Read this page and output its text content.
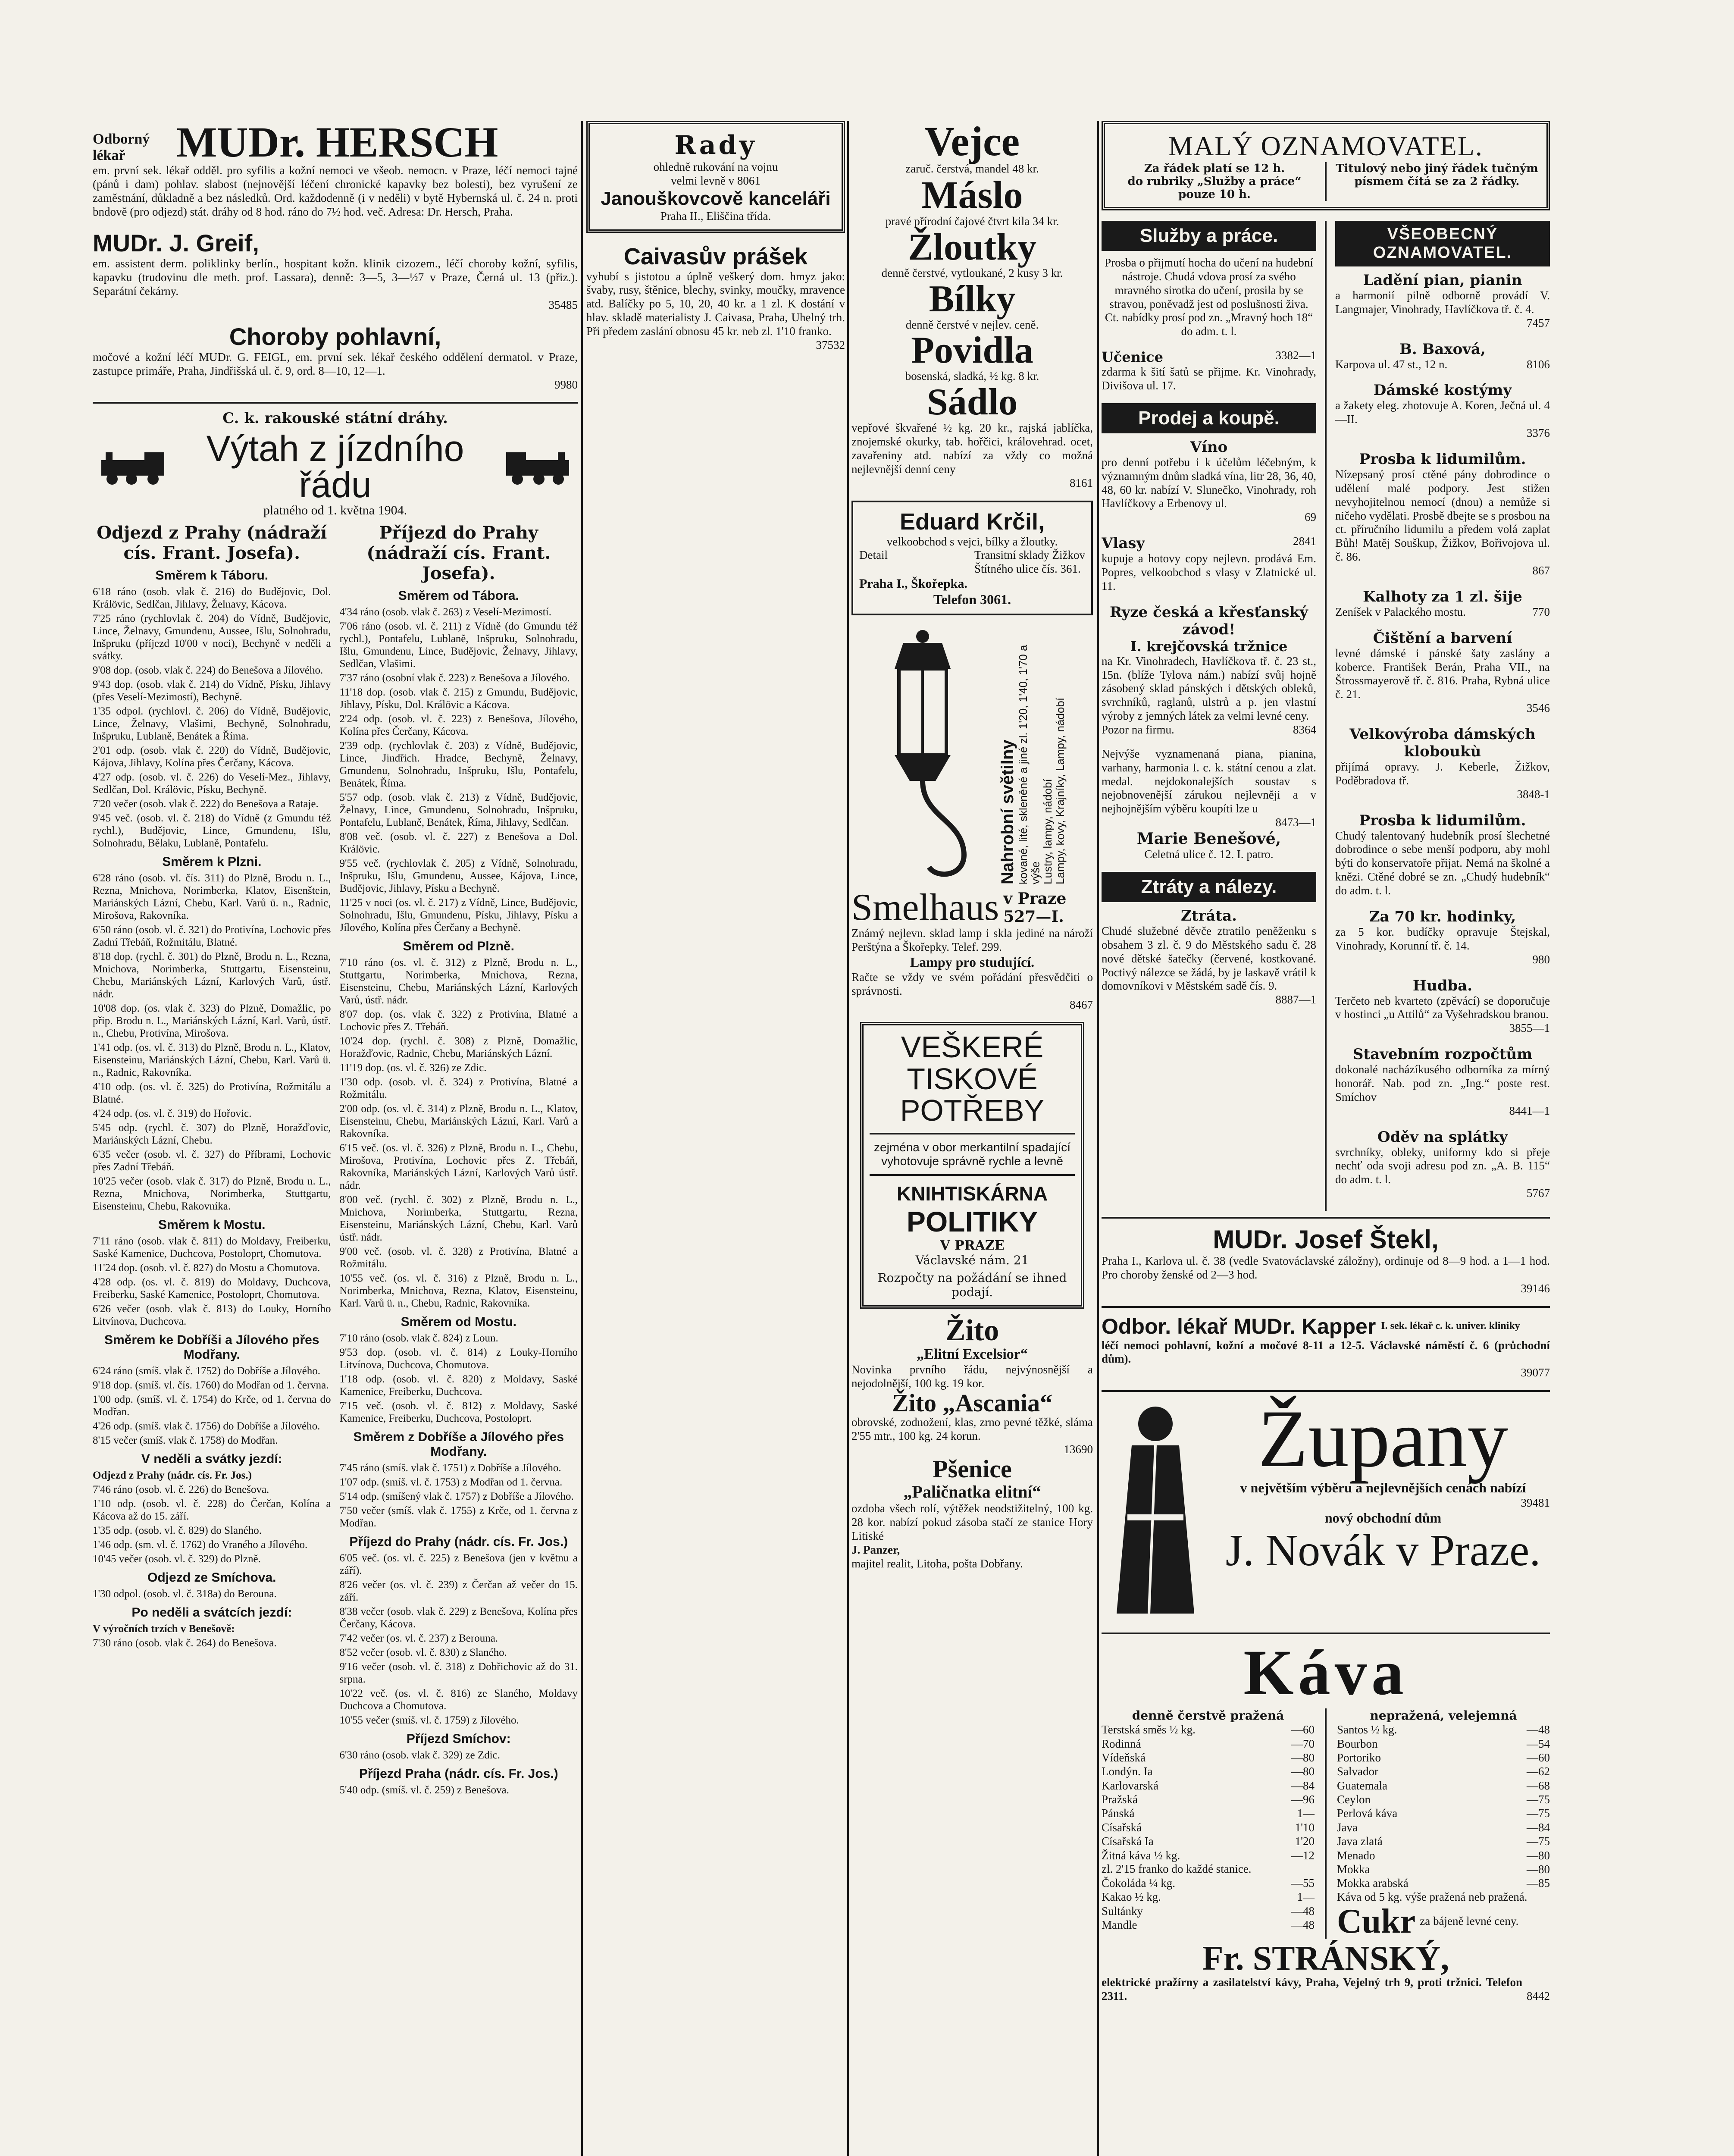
Odborný lékař	MUDr. HERSCH
em. první sek. lékař odděl. pro syfilis a kožní nemoci ve všeob. nemocn. v Praze, léčí nemoci tajné (pánů i dam) pohlav. slabost (nejnovější léčení chronické kapavky bez bolesti), bez vyrušení ze zaměstnání, důkladně a bez následků. Ord. každodenně (i v neděli) v bytě Hybernská ul. č. 24 n. proti bndově (pro odjezd) stát. dráhy od 8 hod. ráno do 7½ hod. več. Adresa: Dr. Hersch, Praha.
MUDr. J. Greif,
em. assistent derm. poliklinky berlín., hospitant kožn. klinik cizozem., léčí choroby kožní, syfilis, kapavku (trudovinu dle meth. prof. Lassara), denně: 3—5, 3—½7 v Praze, Černá ul. 13 (přiz.). Separátní čekárny.
35485
Choroby pohlavní,
močové a kožní léčí MUDr. G. FEIGL, em. první sek. lékař českého oddělení dermatol. v Praze, zastupce primáře, Praha, Jindřišská ul. č. 9, ord. 8—10, 12—1.
9980
C. k. rakouské státní dráhy.
Výtah z jízdního řádu
platného od 1. května 1904.
Odjezd z Prahy (nádraží cís. Frant. Josefa).
Směrem k Táboru.
6'18 ráno (osob. vlak č. 216) do Budějovic, Dol. Králövic, Sedlčan, Jihlavy, Želnavy, Kácova.
7'25 ráno (rychlovlak č. 204) do Vídně, Budějovic, Lince, Želnavy, Gmundenu, Aussee, Išlu, Solnohradu, Inšpruku (příjezd 10'00 v noci), Bechyně v neděli a svátky.
9'08 dop. (osob. vlak č. 224) do Benešova a Jílového.
9'43 dop. (osob. vlak č. 214) do Vídně, Písku, Jihlavy (přes Veselí-Mezimostí), Bechyně.
1'35 odpol. (rychlovl. č. 206) do Vídně, Budějovic, Lince, Želnavy, Vlašimi, Bechyně, Solnohradu, Inšpruku, Lublaně, Benátek a Říma.
2'01 odp. (osob. vlak č. 220) do Vídně, Budějovic, Kájova, Jihlavy, Kolína přes Čerčany, Kácova.
4'27 odp. (osob. vl. č. 226) do Veselí-Mez., Jihlavy, Sedlčan, Dol. Králövic, Písku, Bechyně.
7'20 večer (osob. vlak č. 222) do Benešova a Rataje.
9'45 več. (osob. vl. č. 218) do Vídně (z Gmundu též rychl.), Budějovic, Lince, Gmundenu, Išlu, Solnohradu, Bělaku, Lublaně, Pontafelu.
Směrem k Plzni.
6'28 ráno (osob. vl. čís. 311) do Plzně, Brodu n. L., Rezna, Mnichova, Norimberka, Klatov, Eisenštein, Mariánských Lázní, Chebu, Karl. Varů ü. n., Radnic, Mirošova, Rakovníka.
6'50 ráno (osob. vl. č. 321) do Protivína, Lochovic přes Zadní Třebáň, Rožmitálu, Blatné.
8'18 dop. (rychl. č. 301) do Plzně, Brodu n. L., Rezna, Mnichova, Norimberka, Stuttgartu, Eisensteinu, Chebu, Mariánských Lázní, Karlových Varů, ústř. nádr.
10'08 dop. (os. vlak č. 323) do Plzně, Domažlic, po přip. Brodu n. L., Mariánských Lázní, Karl. Varů, ústř. n., Chebu, Protivína, Mirošova.
1'41 odp. (os. vl. č. 313) do Plzně, Brodu n. L., Klatov, Eisensteinu, Mariánských Lázní, Chebu, Karl. Varů ü. n., Radnic, Rakovníka.
4'10 odp. (os. vl. č. 325) do Protivína, Rožmitálu a Blatné.
4'24 odp. (os. vl. č. 319) do Hořovic.
5'45 odp. (rychl. č. 307) do Plzně, Horažďovic, Mariánských Lázní, Chebu.
6'35 večer (osob. vl. č. 327) do Příbrami, Lochovic přes Zadní Třebáň.
10'25 večer (osob. vlak č. 317) do Plzně, Brodu n. L., Rezna, Mnichova, Norimberka, Stuttgartu, Eisensteinu, Chebu, Rakovníka.
Směrem k Mostu.
7'11 ráno (osob. vlak č. 811) do Moldavy, Freiberku, Saské Kamenice, Duchcova, Postoloprt, Chomutova.
11'24 dop. (osob. vl. č. 827) do Mostu a Chomutova.
4'28 odp. (os. vl. č. 819) do Moldavy, Duchcova, Freiberku, Saské Kamenice, Postoloprt, Chomutova.
6'26 večer (osob. vlak č. 813) do Louky, Horního Litvínova, Duchcova.
Směrem ke Dobříši a Jílového přes Modřany.
6'24 ráno (smíš. vlak č. 1752) do Dobříše a Jílového.
9'18 dop. (smíš. vl. čís. 1760) do Modřan od 1. června.
1'00 odp. (smíš. vl. č. 1754) do Krče, od 1. června do Modřan.
4'26 odp. (smíš. vlak č. 1756) do Dobříše a Jílového.
8'15 večer (smíš. vlak č. 1758) do Modřan.
V neděli a svátky jezdí:
Odjezd z Prahy (nádr. cís. Fr. Jos.)
7'46 ráno (osob. vl. č. 226) do Benešova.
1'10 odp. (osob. vl. č. 228) do Čerčan, Kolína a Kácova až do 15. září.
1'35 odp. (osob. vl. č. 829) do Slaného.
1'46 odp. (sm. vl. č. 1762) do Vraného a Jílového.
10'45 večer (osob. vl. č. 329) do Plzně.
Odjezd ze Smíchova.
1'30 odpol. (osob. vl. č. 318a) do Berouna.
Po neděli a svátcích jezdí:
V výročních trzích v Benešově:
7'30 ráno (osob. vlak č. 264) do Benešova.
Příjezd do Prahy (nádraží cís. Frant. Josefa).
Směrem od Tábora.
4'34 ráno (osob. vlak č. 263) z Veselí-Mezimostí.
7'06 ráno (osob. vl. č. 211) z Vídně (do Gmundu též rychl.), Pontafelu, Lublaně, Inšpruku, Solnohradu, Išlu, Gmundenu, Lince, Budějovic, Želnavy, Jihlavy, Sedlčan, Vlašimi.
7'37 ráno (osobní vlak č. 223) z Benešova a Jílového.
11'18 dop. (osob. vlak č. 215) z Gmundu, Budějovic, Jihlavy, Písku, Dol. Králövic a Kácova.
2'24 odp. (osob. vl. č. 223) z Benešova, Jílového, Kolína přes Čerčany, Kácova.
2'39 odp. (rychlovlak č. 203) z Vídně, Budějovic, Lince, Jindřich. Hradce, Bechyně, Želnavy, Gmundenu, Solnohradu, Inšpruku, Išlu, Pontafelu, Benátek, Říma.
5'57 odp. (osob. vlak č. 213) z Vídně, Budějovic, Želnavy, Lince, Gmundenu, Solnohradu, Inšpruku, Pontafelu, Lublaně, Benátek, Říma, Jihlavy, Sedlčan.
8'08 več. (osob. vl. č. 227) z Benešova a Dol. Králövic.
9'55 več. (rychlovlak č. 205) z Vídně, Solnohradu, Inšpruku, Išlu, Gmundenu, Aussee, Kájova, Lince, Budějovic, Jihlavy, Písku a Bechyně.
11'25 v noci (os. vl. č. 217) z Vídně, Lince, Budějovic, Solnohradu, Išlu, Gmundenu, Písku, Jihlavy, Písku a Jílového, Kolína přes Čerčany a Bechyně.
Směrem od Plzně.
7'10 ráno (os. vl. č. 312) z Plzně, Brodu n. L., Stuttgartu, Norimberka, Mnichova, Rezna, Eisensteinu, Chebu, Mariánských Lázní, Karlových Varů, ústř. nádr.
8'07 dop. (os. vlak č. 322) z Protivína, Blatné a Lochovic přes Z. Třebáň.
10'24 dop. (rychl. č. 308) z Plzně, Domažlic, Horažďovic, Radnic, Chebu, Mariánských Lázní.
11'19 dop. (os. vl. č. 326) ze Zdic.
1'30 odp. (osob. vl. č. 324) z Protivína, Blatné a Rožmitálu.
2'00 odp. (os. vl. č. 314) z Plzně, Brodu n. L., Klatov, Eisensteinu, Chebu, Mariánských Lázní, Karl. Varů a Rakovníka.
6'15 več. (os. vl. č. 326) z Plzně, Brodu n. L., Chebu, Mirošova, Protivína, Lochovic přes Z. Třebáň, Rakovníka, Mariánských Lázní, Karlových Varů ústř. nádr.
8'00 več. (rychl. č. 302) z Plzně, Brodu n. L., Mnichova, Norimberka, Stuttgartu, Rezna, Eisensteinu, Mariánských Lázní, Chebu, Karl. Varů ústř. nádr.
9'00 več. (osob. vl. č. 328) z Protivína, Blatné a Rožmitálu.
10'55 več. (os. vl. č. 316) z Plzně, Brodu n. L., Norimberka, Mnichova, Rezna, Klatov, Eisensteinu, Karl. Varů ü. n., Chebu, Radnic, Rakovníka.
Směrem od Mostu.
7'10 ráno (osob. vlak č. 824) z Loun.
9'53 dop. (osob. vl. č. 814) z Louky-Horního Litvínova, Duchcova, Chomutova.
1'18 odp. (osob. vl. č. 820) z Moldavy, Saské Kamenice, Freiberku, Duchcova.
7'15 več. (osob. vl. č. 812) z Moldavy, Saské Kamenice, Freiberku, Duchcova, Postoloprt.
Směrem z Dobříše a Jílového přes Modřany.
7'45 ráno (smíš. vlak č. 1751) z Dobříše a Jílového.
1'07 odp. (smíš. vl. č. 1753) z Modřan od 1. června.
5'14 odp. (smíšený vlak č. 1757) z Dobříše a Jílového.
7'50 večer (smíš. vlak č. 1755) z Krče, od 1. června z Modřan.
Příjezd do Prahy (nádr. cís. Fr. Jos.)
6'05 več. (os. vl. č. 225) z Benešova (jen v květnu a září).
8'26 večer (os. vl. č. 239) z Čerčan až večer do 15. září.
8'38 večer (osob. vlak č. 229) z Benešova, Kolína přes Čerčany, Kácova.
7'42 večer (os. vl. č. 237) z Berouna.
8'52 večer (osob. vl. č. 830) z Slaného.
9'16 večer (osob. vl. č. 318) z Dobřichovic až do 31. srpna.
10'22 več. (os. vl. č. 816) ze Slaného, Moldavy Duchcova a Chomutova.
10'55 večer (smíš. vl. č. 1759) z Jílového.
Příjezd Smíchov:
6'30 ráno (osob. vlak č. 329) ze Zdic.
Příjezd Praha (nádr. cís. Fr. Jos.)
5'40 odp. (smíš. vl. č. 259) z Benešova.
Rady
ohledně rukování na vojnu
velmi levně v 8061
Janouškovcově kanceláři
Praha II., Eliščina třída.
Caivasův prášek
vyhubí s jistotou a úplně veškerý dom. hmyz jako: švaby, rusy, štěnice, blechy, svinky, moučky, mravence atd. Balíčky po 5, 10, 20, 40 kr. a 1 zl. K dostání v hlav. skladě materialisty J. Caivasa, Praha, Uhelný trh. Při předem zaslání obnosu 45 kr. neb zl. 1'10 franko.
37532
Vejce
zaruč. čerstvá, mandel 48 kr.
Máslo
pravé přírodní čajové čtvrt kila 34 kr.
Žloutky
denně čerstvé, vytloukané, 2 kusy 3 kr.
Bílky
denně čerstvé v nejlev. ceně.
Povidla
bosenská, sladká, ½ kg. 8 kr.
Sádlo
vepřové škvařené ½ kg. 20 kr., rajská jablíčka, znojemské okurky, tab. hořčici, královehrad. ocet, zavařeniny atd. nabízí za vždy co možná nejlevnější denní ceny
8161
Eduard Krčil,
velkoobchod s vejci, bílky a žloutky.
Detail	Transitní sklady Žižkov Štítného ulice čís. 361.
Praha I., Škořepka.
Telefon 3061.
Nahrobní světilny kované, lité, skleněné a jiné zl. 1'20, 1'40, 1'70 a výše
Lustry, lampy, nádobí
Lampy, kovy, Krajníky, Lampy, nádobí
Smelhaus v Praze 527—I.
Známý nejlevn. sklad lamp i skla jediné na nároží Perštýna a Škořepky. Telef. 299.
Lampy pro studující.
Račte se vždy ve svém pořádání přesvědčiti o správnosti.
8467
VEŠKERÉ
TISKOVÉ
POTŘEBY
zejména v obor merkantilní spadající vyhotovuje správně rychle a levně
KNIHTISKÁRNA
POLITIKY
V PRAZE
Václavské nám. 21
Rozpočty na požádání se ihned podají.
Žito
„Elitní Excelsior“
Novinka prvního řádu, nejvýnosnější a nejodolnější, 100 kg. 19 kor.
Žito „Ascania“
obrovské, zodnožení, klas, zrno pevné těžké, sláma 2'55 mtr., 100 kg. 24 korun.
13690
Pšenice
„Paličnatka elitní“
ozdoba všech rolí, výtěžek neodstižitelný, 100 kg. 28 kor. nabízí pokud zásoba stačí ze stanice Hory Litiské
J. Panzer,
majitel realit, Litoha, pošta Dobřany.
MALÝ OZNAMOVATEL.
Za řádek platí se 12 h.
do rubriky „Služby a práce“ pouze 10 h.
Titulový nebo jiný řádek tučným písmem čítá se za 2 řádky.
Služby a práce.
Prosba o přijmutí hocha do učení na hudební nástroje. Chudá vdova prosí za svého mravného sirotka do učení, prosila by se stravou, poněvadž jest od poslušnosti živa. Ct. nabídky prosí pod zn. „Mravný hoch 18“ do adm. t. l.
Učenice	3382—1
zdarma k šití šatů se přijme. Kr. Vinohrady, Divišova ul. 17.
Prodej a koupě.
Víno
pro denní potřebu i k účelům léčebným, k významným dnům sladká vína, litr 28, 36, 40, 48, 60 kr. nabízí V. Slunečko, Vinohrady, roh Havlíčkovy a Erbenovy ul.
69
Vlasy	2841
kupuje a hotovy copy nejlevn. prodává Em. Popres, velkoobchod s vlasy v Zlatnické ul. 11.
Ryze česká a křesťanský závod!
I. krejčovská tržnice
na Kr. Vinohradech, Havlíčkova tř. č. 23 st., 15n. (blíže Tylova nám.) nabízí svůj hojně zásobený sklad pánských i dětských obleků, svrchníků, raglanů, ulstrů a p. jen vlastní výroby z jemných látek za velmi levné ceny.
Pozor na firmu.	8364
Nejvýše vyznamenaná piana, pianina, varhany, harmonia I. c. k. státní cenou a zlat. medal. nejdokonalejších soustav s nejobnovenější zárukou nejlevněji a v nejhojnějším výběru koupíti lze u
8473—1
Marie Benešové,
Celetná ulice č. 12. I. patro.
Ztráty a nálezy.
Ztráta.
Chudé služebné děvče ztratilo peněženku s obsahem 3 zl. č. 9 do Městského sadu č. 28 nové dětské šatečky (červené, kostkované. Poctivý nálezce se žádá, by je laskavě vrátil k domovníkovi v Městském sadě čís. 9.
8887—1
VŠEOBECNÝ OZNAMOVATEL.
Ladění pian, pianin
a harmonií pilně odborně provádí V. Langmajer, Vinohrady, Havlíčkova tř. č. 4.
7457
B. Baxová,
Karpova ul. 47 st., 12 n.	8106
Dámské kostýmy
a žakety eleg. zhotovuje A. Koren, Ječná ul. 4—II.
3376
Prosba k lidumilům.
Nízepsaný prosí ctěné pány dobrodince o udělení malé podpory. Jest stižen nevyhojitelnou nemocí (dnou) a nemůže si ničeho vydělati. Prosbě dbejte se s prosbou na ct. příručního lidumilu a předem volá zaplat Bůh! Matěj Souškup, Žižkov, Bořivojova ul. č. 86.
867
Kalhoty za 1 zl. šije
Zeníšek v Palackého mostu.	770
Čištění a barvení
levné dámské i pánské šaty zaslány a koberce. František Berán, Praha VII., na Štrossmayerově tř. č. 816. Praha, Rybná ulice č. 21.
3546
Velkovýroba dámských kloboukù
přijímá opravy. J. Keberle, Žižkov, Poděbradova tř.
3848-1
Prosba k lidumilům.
Chudý talentovaný hudebník prosí šlechetné dobrodince o sebe menší podporu, aby mohl býti do konservatoře přijat. Nemá na školné a knězi. Ctěné dobré se zn. „Chudý hudebník“ do adm. t. l.
Za 70 kr. hodinky,
za 5 kor. budíčky opravuje Štejskal, Vinohrady, Korunní tř. č. 14.
980
Hudba.
Terčeto neb kvarteto (zpěvácí) se doporučuje v hostinci „u Attilů“ za Vyšehradskou branou.
3855—1
Stavebním rozpočtům
dokonalé nacházíkusého odborníka za mírný honorář. Nab. pod zn. „Ing.“ poste rest. Smíchov
8441—1
Oděv na splátky
svrchníky, obleky, uniformy kdo si přeje nechť oda svoji adresu pod zn. „A. B. 115“ do adm. t. l.
5767
MUDr. Josef Štekl,
Praha I., Karlova ul. č. 38 (vedle Svatováclavské záložny), ordinuje od 8—9 hod. a 1—1 hod. Pro choroby ženské od 2—3 hod.
39146
Odbor. lékař MUDr. Kapper I. sek. lékař c. k. univer. kliniky
léčí nemoci pohlavní, kožní a močové 8-11 a 12-5. Václavské náměstí č. 6 (průchodní dům).
39077
Župany
v největším výběru a nejlevnějších cenách nabízí
39481
nový obchodní dům
J. Novák v Praze.
Káva
denně čerstvě pražená
Terstská směs ½ kg.	—60
Rodinná	—70
Vídeňská	—80
Londýn. Ia	—80
Karlovarská	—84
Pražská	—96
Pánská	1—
Císařská	1'10
Císařská Ia	1'20
Žitná káva ½ kg.	—12
zl. 2'15 franko do každé stanice.
Čokoláda ¼ kg.	—55
Kakao ½ kg.	1—
Sultánky	—48
Mandle	—48
nepražená, velejemná
Santos ½ kg.	—48
Bourbon	—54
Portoriko	—60
Salvador	—62
Guatemala	—68
Ceylon	—75
Perlová káva	—75
Java	—84
Java zlatá	—75
Menado	—80
Mokka	—80
Mokka arabská	—85
Káva od 5 kg. výše pražená neb pražená.
Cukr za bájeně levné ceny.
Fr. STRÁNSKÝ,
elektrické pražírny a zasilatelství kávy, Praha, Vejelný trh 9, proti tržnici. Telefon 2311.	8442
